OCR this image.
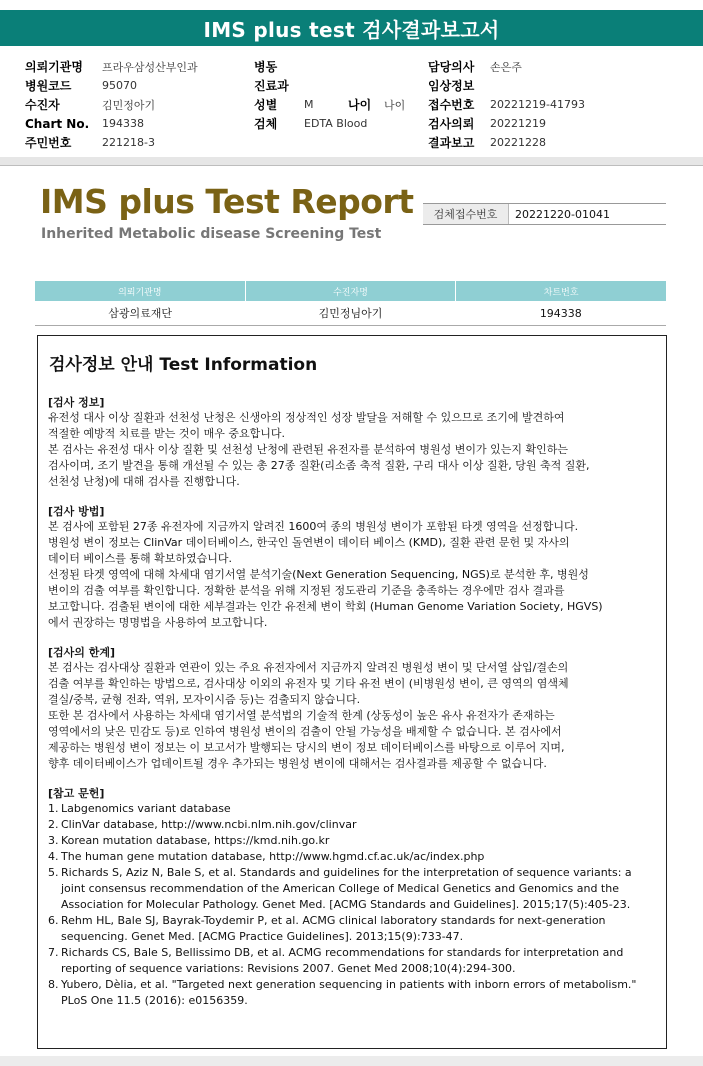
IMS plus test 검사결과보고서
의뢰기관명	프라우삼성산부인과
병원코드	95070
수진자	김민정아기
Chart No.	194338
주민번호	221218-3
병동
진료과
성별	M	나이	나이
검체	EDTA Blood
담당의사	손은주
임상정보
접수번호	20221219-41793
검사의뢰	20221219
결과보고	20221228
IMS plus Test Report
Inherited Metabolic disease Screening Test
검체접수번호	20221220-01041
의뢰기관명	수진자명	차트번호
삼광의료재단	김민정님아기	194338
검사정보 안내 Test Information
[검사 정보]
유전성 대사 이상 질환과 선천성 난청은 신생아의 정상적인 성장 발달을 저해할 수 있으므로 조기에 발견하여
적절한 예방적 치료를 받는 것이 매우 중요합니다.
본 검사는 유전성 대사 이상 질환 및 선천성 난청에 관련된 유전자를 분석하여 병원성 변이가 있는지 확인하는
검사이며, 조기 발견을 통해 개선될 수 있는 총 27종 질환(리소좀 축적 질환, 구리 대사 이상 질환, 당원 축적 질환,
선천성 난청)에 대해 검사를 진행합니다.
[검사 방법]
본 검사에 포함된 27종 유전자에 지금까지 알려진 1600여 종의 병원성 변이가 포함된 타겟 영역을 선정합니다.
병원성 변이 정보는 ClinVar 데이터베이스, 한국인 돌연변이 데이터 베이스 (KMD), 질환 관련 문헌 및 자사의
데이터 베이스를 통해 확보하였습니다.
선정된 타겟 영역에 대해 차세대 염기서열 분석기술(Next Generation Sequencing, NGS)로 분석한 후, 병원성
변이의 검출 여부를 확인합니다. 정확한 분석을 위해 지정된 정도관리 기준을 충족하는 경우에만 검사 결과를
보고합니다. 검출된 변이에 대한 세부결과는 인간 유전체 변이 학회 (Human Genome Variation Society, HGVS)
에서 권장하는 명명법을 사용하여 보고합니다.
[검사의 한계]
본 검사는 검사대상 질환과 연관이 있는 주요 유전자에서 지금까지 알려진 병원성 변이 및 단서열 삽입/결손의
검출 여부를 확인하는 방법으로, 검사대상 이외의 유전자 및 기타 유전 변이 (비병원성 변이, 큰 영역의 염색체
결실/중복, 균형 전좌, 역위, 모자이시즘 등)는 검출되지 않습니다.
또한 본 검사에서 사용하는 차세대 염기서열 분석법의 기술적 한계 (상동성이 높은 유사 유전자가 존재하는
영역에서의 낮은 민감도 등)로 인하여 병원성 변이의 검출이 안될 가능성을 배제할 수 없습니다. 본 검사에서
제공하는 병원성 변이 정보는 이 보고서가 발행되는 당시의 변이 정보 데이터베이스를 바탕으로 이루어 지며,
향후 데이터베이스가 업데이트될 경우 추가되는 병원성 변이에 대해서는 검사결과를 제공할 수 없습니다.
[참고 문헌]
1. Labgenomics variant database
2. ClinVar database, http://www.ncbi.nlm.nih.gov/clinvar
3. Korean mutation database, https://kmd.nih.go.kr
4. The human gene mutation database, http://www.hgmd.cf.ac.uk/ac/index.php
5. Richards S, Aziz N, Bale S, et al. Standards and guidelines for the interpretation of sequence variants: a joint consensus recommendation of the American College of Medical Genetics and Genomics and the Association for Molecular Pathology. Genet Med. [ACMG Standards and Guidelines]. 2015;17(5):405-23.
6. Rehm HL, Bale SJ, Bayrak-Toydemir P, et al. ACMG clinical laboratory standards for next-generation sequencing. Genet Med. [ACMG Practice Guidelines]. 2013;15(9):733-47.
7. Richards CS, Bale S, Bellissimo DB, et al. ACMG recommendations for standards for interpretation and reporting of sequence variations: Revisions 2007. Genet Med 2008;10(4):294-300.
8. Yubero, Dèlia, et al. "Targeted next generation sequencing in patients with inborn errors of metabolism." PLoS One 11.5 (2016): e0156359.
